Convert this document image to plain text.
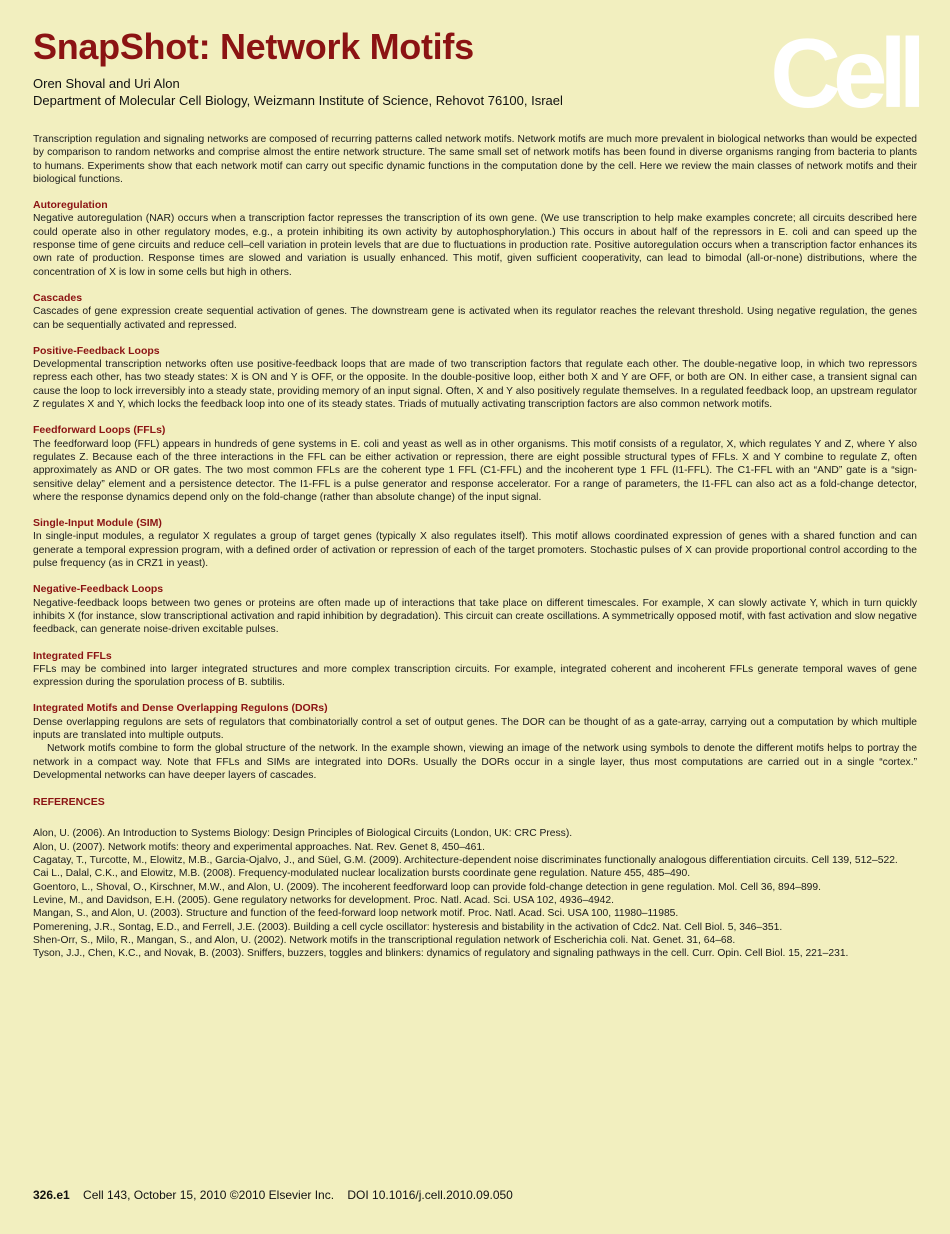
SnapShot: Network Motifs
Oren Shoval and Uri Alon
Department of Molecular Cell Biology, Weizmann Institute of Science, Rehovot 76100, Israel Cell

Transcription regulation and signaling networks are composed of recurring patterns called network motifs. Network motifs are much more prevalent in biological networks than would be expected by comparison to random networks and comprise almost the entire network structure. The same small set of network motifs has been found in diverse organisms ranging from bacteria to plants to humans. Experiments show that each network motif can carry out specific dynamic functions in the computation done by the cell. Here we review the main classes of network motifs and their biological functions.

Autoregulation

Negative autoregulation (NAR) occurs when a transcription factor represses the transcription of its own gene. (We use transcription to help make examples concrete; all circuits described here could operate also in other regulatory modes, e.g., a protein inhibiting its own activity by autophosphorylation.) This occurs in about half of the repressors in E. coli and can speed up the response time of gene circuits and reduce cell–cell variation in protein levels that are due to fluctuations in production rate. Positive autoregulation occurs when a transcription factor enhances its own rate of production. Response times are slowed and variation is usually enhanced. This motif, given sufficient cooperativity, can lead to bimodal (all-or-none) distributions, where the concentration of X is low in some cells but high in others.

Cascades

Cascades of gene expression create sequential activation of genes. The downstream gene is activated when its regulator reaches the relevant threshold. Using negative regulation, the genes can be sequentially activated and repressed.

Positive-Feedback Loops

Developmental transcription networks often use positive-feedback loops that are made of two transcription factors that regulate each other. The double-negative loop, in which two repressors repress each other, has two steady states: X is ON and Y is OFF, or the opposite. In the double-positive loop, either both X and Y are OFF, or both are ON. In either case, a transient signal can cause the loop to lock irreversibly into a steady state, providing memory of an input signal. Often, X and Y also positively regulate themselves. In a regulated feedback loop, an upstream regulator Z regulates X and Y, which locks the feedback loop into one of its steady states. Triads of mutually activating transcription factors are also common network motifs.

Feedforward Loops (FFLs)

The feedforward loop (FFL) appears in hundreds of gene systems in E. coli and yeast as well as in other organisms. This motif consists of a regulator, X, which regulates Y and Z, where Y also regulates Z. Because each of the three interactions in the FFL can be either activation or repression, there are eight possible structural types of FFLs. X and Y combine to regulate Z, often approximately as AND or OR gates. The two most common FFLs are the coherent type 1 FFL (C1-FFL) and the incoherent type 1 FFL (I1-FFL). The C1-FFL with an “AND” gate is a “sign-sensitive delay” element and a persistence detector. The I1-FFL is a pulse generator and response accelerator. For a range of parameters, the I1-FFL can also act as a fold-change detector, where the response dynamics depend only on the fold-change (rather than absolute change) of the input signal.

Single-Input Module (SIM)

In single-input modules, a regulator X regulates a group of target genes (typically X also regulates itself). This motif allows coordinated expression of genes with a shared function and can generate a temporal expression program, with a defined order of activation or repression of each of the target promoters. Stochastic pulses of X can provide proportional control according to the pulse frequency (as in CRZ1 in yeast).

Negative-Feedback Loops

Negative-feedback loops between two genes or proteins are often made up of interactions that take place on different timescales. For example, X can slowly activate Y, which in turn quickly inhibits X (for instance, slow transcriptional activation and rapid inhibition by degradation). This circuit can create oscillations. A symmetrically opposed motif, with fast activation and slow negative feedback, can generate noise-driven excitable pulses.

Integrated FFLs

FFLs may be combined into larger integrated structures and more complex transcription circuits. For example, integrated coherent and incoherent FFLs generate temporal waves of gene expression during the sporulation process of B. subtilis.

Integrated Motifs and Dense Overlapping Regulons (DORs)

Dense overlapping regulons are sets of regulators that combinatorially control a set of output genes. The DOR can be thought of as a gate-array, carrying out a computation by which multiple inputs are translated into multiple outputs.

Network motifs combine to form the global structure of the network. In the example shown, viewing an image of the network using symbols to denote the different motifs helps to portray the network in a compact way. Note that FFLs and SIMs are integrated into DORs. Usually the DORs occur in a single layer, thus most computations are carried out in a single “cortex.” Developmental networks can have deeper layers of cascades.

REFERENCES

Alon, U. (2006). An Introduction to Systems Biology: Design Principles of Biological Circuits (London, UK: CRC Press).

Alon, U. (2007). Network motifs: theory and experimental approaches. Nat. Rev. Genet 8, 450–461.

Cagatay, T., Turcotte, M., Elowitz, M.B., Garcia-Ojalvo, J., and Süel, G.M. (2009). Architecture-dependent noise discriminates functionally analogous differentiation circuits. Cell 139, 512–522.

Cai L., Dalal, C.K., and Elowitz, M.B. (2008). Frequency-modulated nuclear localization bursts coordinate gene regulation. Nature 455, 485–490.

Goentoro, L., Shoval, O., Kirschner, M.W., and Alon, U. (2009). The incoherent feedforward loop can provide fold-change detection in gene regulation. Mol. Cell 36, 894–899.

Levine, M., and Davidson, E.H. (2005). Gene regulatory networks for development. Proc. Natl. Acad. Sci. USA 102, 4936–4942.

Mangan, S., and Alon, U. (2003). Structure and function of the feed-forward loop network motif. Proc. Natl. Acad. Sci. USA 100, 11980–11985.

Pomerening, J.R., Sontag, E.D., and Ferrell, J.E. (2003). Building a cell cycle oscillator: hysteresis and bistability in the activation of Cdc2. Nat. Cell Biol. 5, 346–351.

Shen-Orr, S., Milo, R., Mangan, S., and Alon, U. (2002). Network motifs in the transcriptional regulation network of Escherichia coli. Nat. Genet. 31, 64–68.

Tyson, J.J., Chen, K.C., and Novak, B. (2003). Sniffers, buzzers, toggles and blinkers: dynamics of regulatory and signaling pathways in the cell. Curr. Opin. Cell Biol. 15, 221–231.

326.e1 Cell 143, October 15, 2010 ©2010 Elsevier Inc. DOI 10.1016/j.cell.2010.09.050
